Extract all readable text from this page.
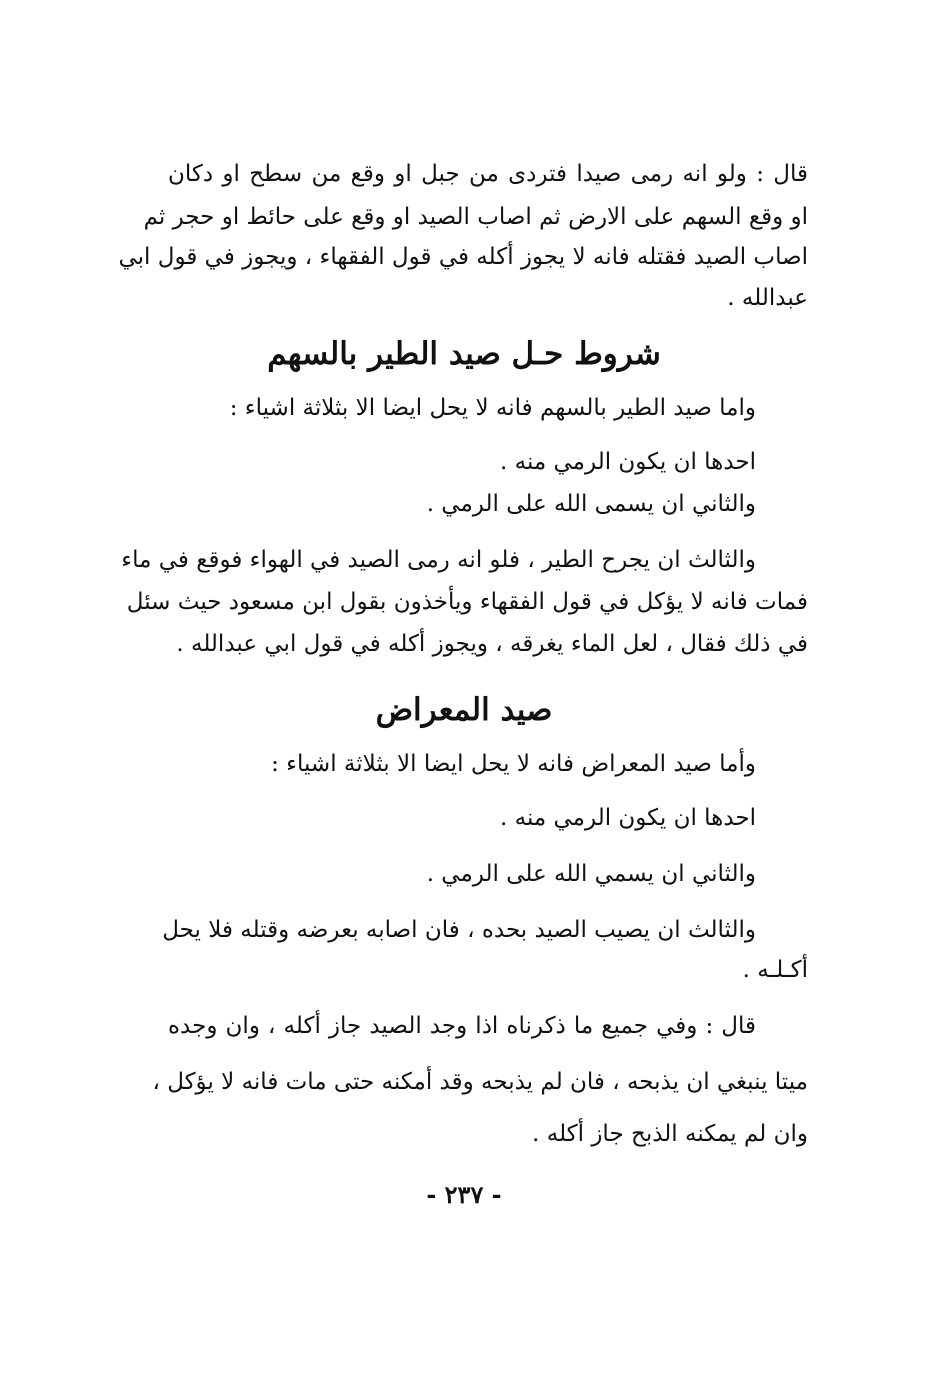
قال : ولو انه رمى صيدا فتردى من جبل او وقع من سطح او دكان

او وقع السهم على الارض ثم اصاب الصيد او وقع على حائط او حجر ثم

اصاب الصيد فقتله فانه لا يجوز أكله في قول الفقهاء ، ويجوز في قول ابي

عبدالله .

شروط حـل صيد الطير بالسهم

واما صيد الطير بالسهم فانه لا يحل ايضا الا بثلاثة اشياء :

احدها ان يكون الرمي منه .

والثاني ان يسمى الله على الرمي .

والثالث ان يجرح الطير ، فلو انه رمى الصيد في الهواء فوقع في ماء

فمات فانه لا يؤكل في قول الفقهاء ويأخذون بقول ابن مسعود حيث سئل

في ذلك فقال ، لعل الماء يغرقه ، ويجوز أكله في قول ابي عبدالله .

صيد المعراض

وأما صيد المعراض فانه لا يحل ايضا الا بثلاثة اشياء :

احدها ان يكون الرمي منه .

والثاني ان يسمي الله على الرمي .

والثالث ان يصيب الصيد بحده ، فان اصابه بعرضه وقتله فلا يحل

أكـلـه .

قال : وفي جميع ما ذكرناه اذا وجد الصيد جاز أكله ، وان وجده

ميتا ينبغي ان يذبحه ، فان لم يذبحه وقد أمكنه حتى مات فانه لا يؤكل ،

وان لم يمكنه الذبح جاز أكله .

- ٢٣٧ -
